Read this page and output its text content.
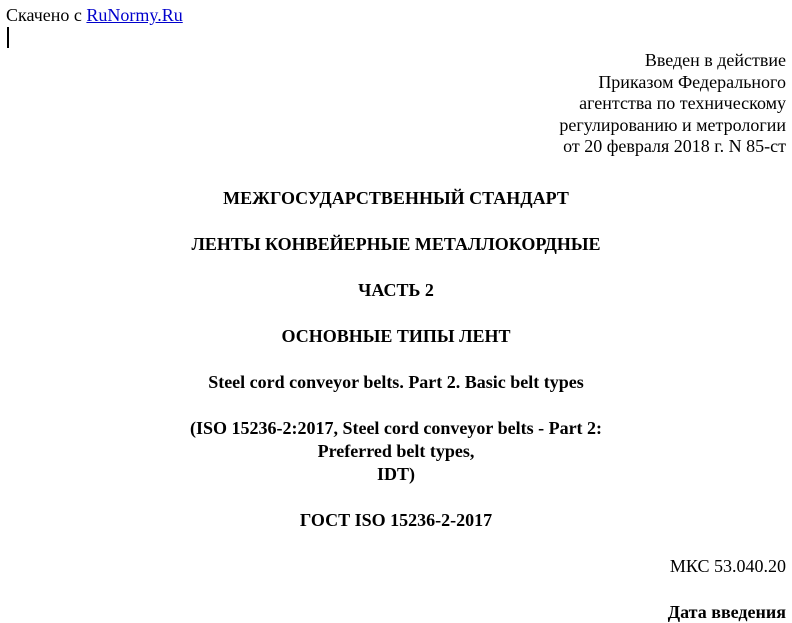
Скачено с RuNormy.Ru
Введен в действие
Приказом Федерального
агентства по техническому
регулированию и метрологии
от 20 февраля 2018 г. N 85-ст
МЕЖГОСУДАРСТВЕННЫЙ СТАНДАРТ
ЛЕНТЫ КОНВЕЙЕРНЫЕ МЕТАЛЛОКОРДНЫЕ
ЧАСТЬ 2
ОСНОВНЫЕ ТИПЫ ЛЕНТ
Steel cord conveyor belts. Part 2. Basic belt types
(ISO 15236-2:2017, Steel cord conveyor belts - Part 2:
Preferred belt types,
IDT)
ГОСТ ISO 15236-2-2017
МКС 53.040.20
Дата введения
